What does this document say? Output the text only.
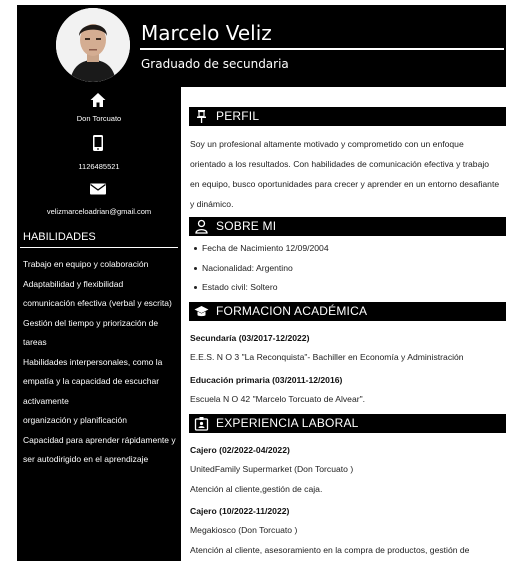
Marcelo Veliz
Graduado de secundaria
Don Torcuato
1126485521
velizmarceloadrian@gmail.com
HABILIDADES
Trabajo en equipo y colaboración
Adaptabilidad y flexibilidad
comunicación efectiva (verbal y escrita)
Gestión del tiempo y priorización de tareas
Habilidades interpersonales, como la empatía y la capacidad de escuchar activamente
organización y planificación
Capacidad para aprender rápidamente y ser autodirigido en el aprendizaje
PERFIL
Soy un profesional altamente motivado y comprometido con un enfoque orientado a los resultados. Con habilidades de comunicación efectiva y trabajo en equipo, busco oportunidades para crecer y aprender en un entorno desafiante y dinámico.
SOBRE MI
Fecha de Nacimiento 12/09/2004
Nacionalidad: Argentino
Estado civil: Soltero
FORMACION ACADÉMICA
Secundaría (03/2017-12/2022)
E.E.S. N O 3 "La Reconquista"- Bachiller en Economía y Administración
Educación primaria (03/2011-12/2016)
Escuela N O 42 "Marcelo Torcuato de Alvear".
EXPERIENCIA LABORAL
Cajero (02/2022-04/2022)
UnitedFamily Supermarket (Don Torcuato )
Atención al cliente,gestión de caja.
Cajero (10/2022-11/2022)
Megakiosco (Don Torcuato )
Atención al cliente, asesoramiento en la compra de productos, gestión de
